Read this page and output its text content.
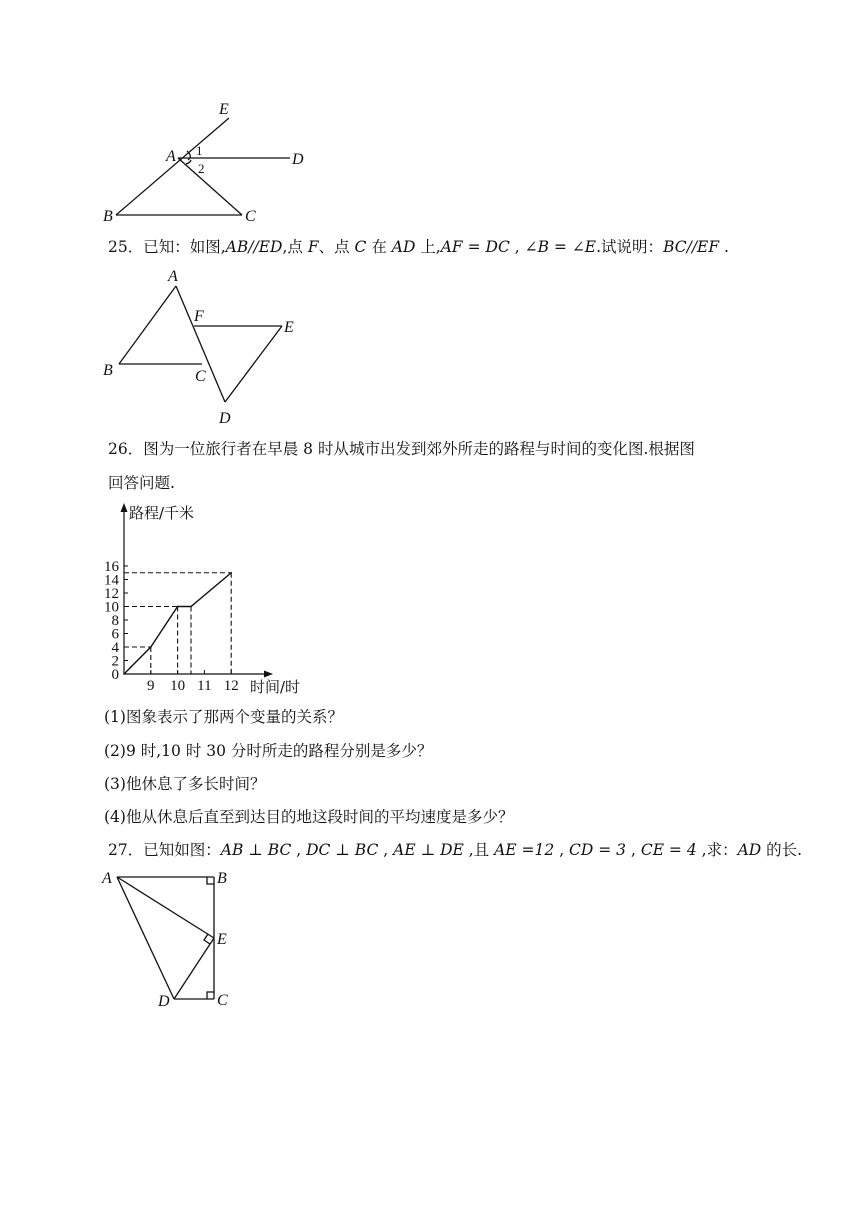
E
A	D
B	C
1
2
25．已知：如图,AB//ED,点 F、点 C 在 AD 上,AF = DC , ∠B = ∠E.试说明：BC//EF .
A
F
E
B	C
D
26．图为一位旅行者在早晨 8 时从城市出发到郊外所走的路程与时间的变化图.根据图
回答问题.
0
2
4
6
8
10
12
14
16
9 10 11 12
路程/千米
时间/时
(1)图象表示了那两个变量的关系？
(2)9 时,10 时 30 分时所走的路程分别是多少？
(3)他休息了多长时间？
(4)他从休息后直至到达目的地这段时间的平均速度是多少？
27．已知如图：AB ⊥ BC , DC ⊥ BC , AE ⊥ DE ,且 AE =12 , CD = 3 , CE = 4 ,求：AD 的长.
A	B
E
D	C
